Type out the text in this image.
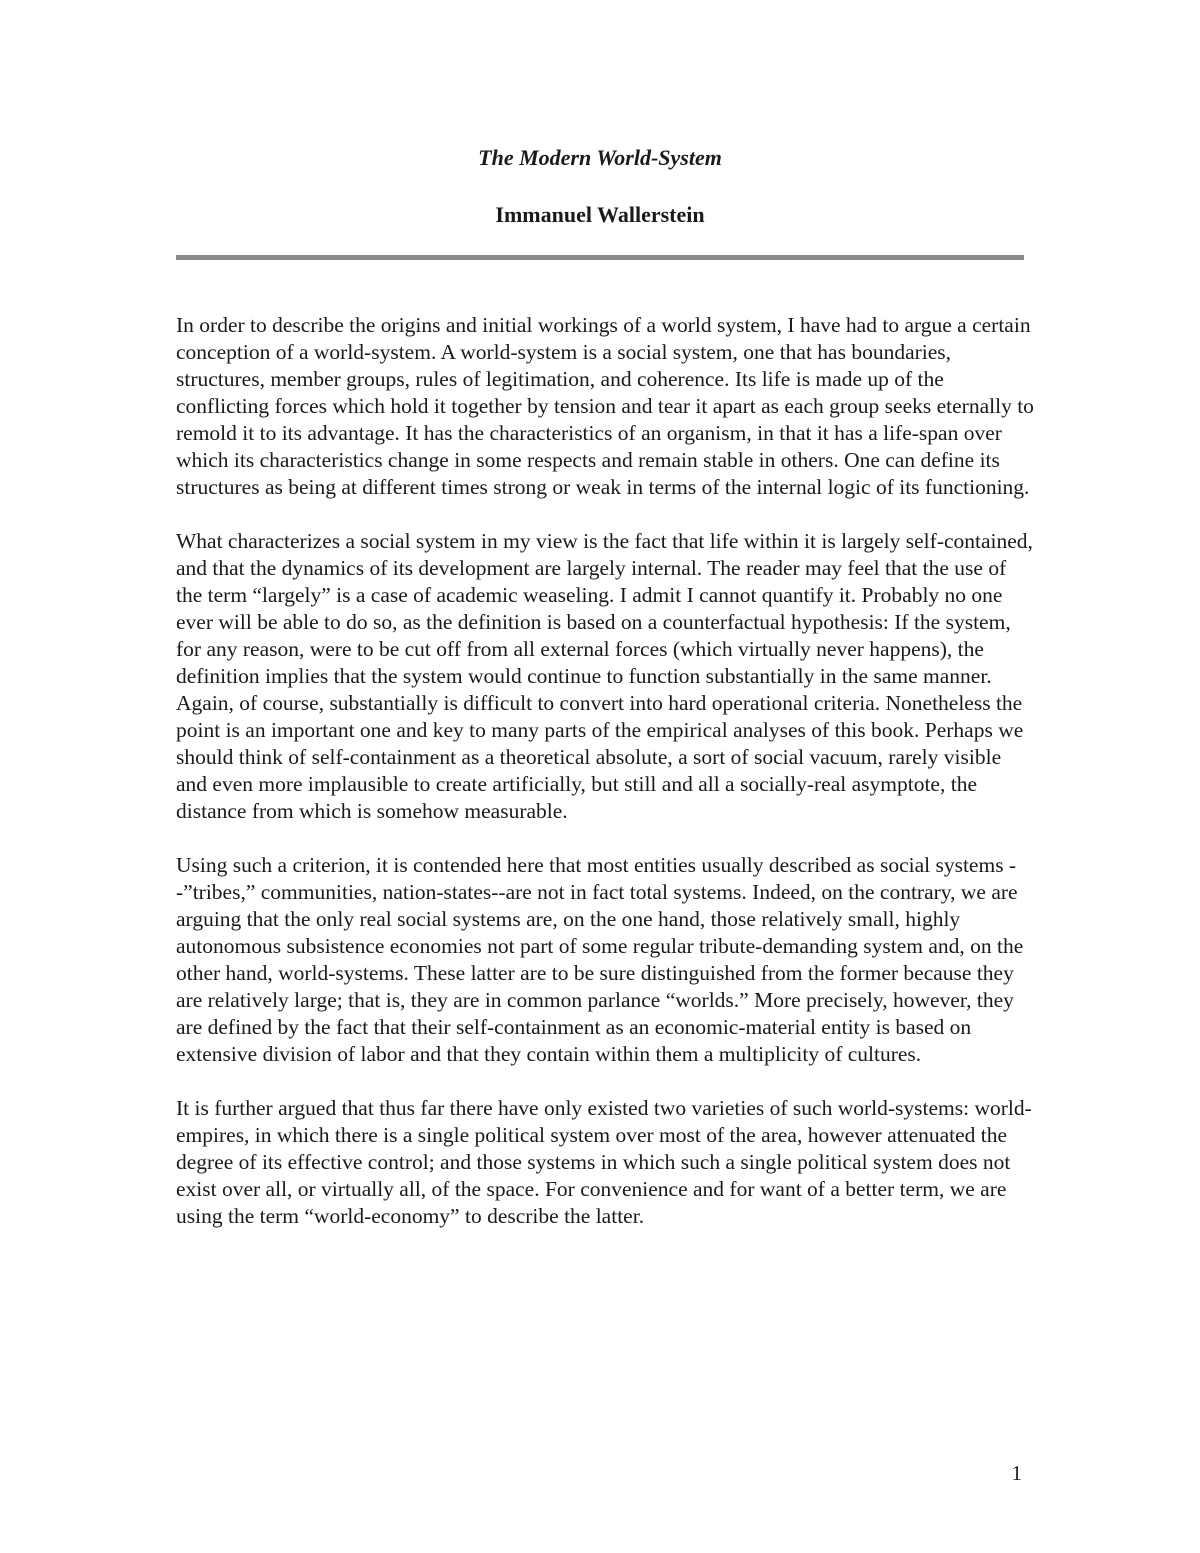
The Modern World-System
Immanuel Wallerstein

In order to describe the origins and initial workings of a world system, I have had to argue a certain conception of a world-system. A world-system is a social system, one that has boundaries, structures, member groups, rules of legitimation, and coherence. Its life is made up of the conflicting forces which hold it together by tension and tear it apart as each group seeks eternally to remold it to its advantage. It has the characteristics of an organism, in that it has a life-span over which its characteristics change in some respects and remain stable in others. One can define its structures as being at different times strong or weak in terms of the internal logic of its functioning.

What characterizes a social system in my view is the fact that life within it is largely self-contained, and that the dynamics of its development are largely internal. The reader may feel that the use of the term “largely” is a case of academic weaseling. I admit I cannot quantify it. Probably no one ever will be able to do so, as the definition is based on a counterfactual hypothesis: If the system, for any reason, were to be cut off from all external forces (which virtually never happens), the definition implies that the system would continue to function substantially in the same manner. Again, of course, substantially is difficult to convert into hard operational criteria. Nonetheless the point is an important one and key to many parts of the empirical analyses of this book. Perhaps we should think of self-containment as a theoretical absolute, a sort of social vacuum, rarely visible and even more implausible to create artificially, but still and all a socially-real asymptote, the distance from which is somehow measurable.

Using such a criterion, it is contended here that most entities usually described as social systems --”tribes,” communities, nation-states--are not in fact total systems. Indeed, on the contrary, we are arguing that the only real social systems are, on the one hand, those relatively small, highly autonomous subsistence economies not part of some regular tribute-demanding system and, on the other hand, world-systems. These latter are to be sure distinguished from the former because they are relatively large; that is, they are in common parlance “worlds.” More precisely, however, they are defined by the fact that their self-containment as an economic-material entity is based on extensive division of labor and that they contain within them a multiplicity of cultures.

It is further argued that thus far there have only existed two varieties of such world-systems: world-empires, in which there is a single political system over most of the area, however attenuated the degree of its effective control; and those systems in which such a single political system does not exist over all, or virtually all, of the space. For convenience and for want of a better term, we are using the term “world-economy” to describe the latter.

1
